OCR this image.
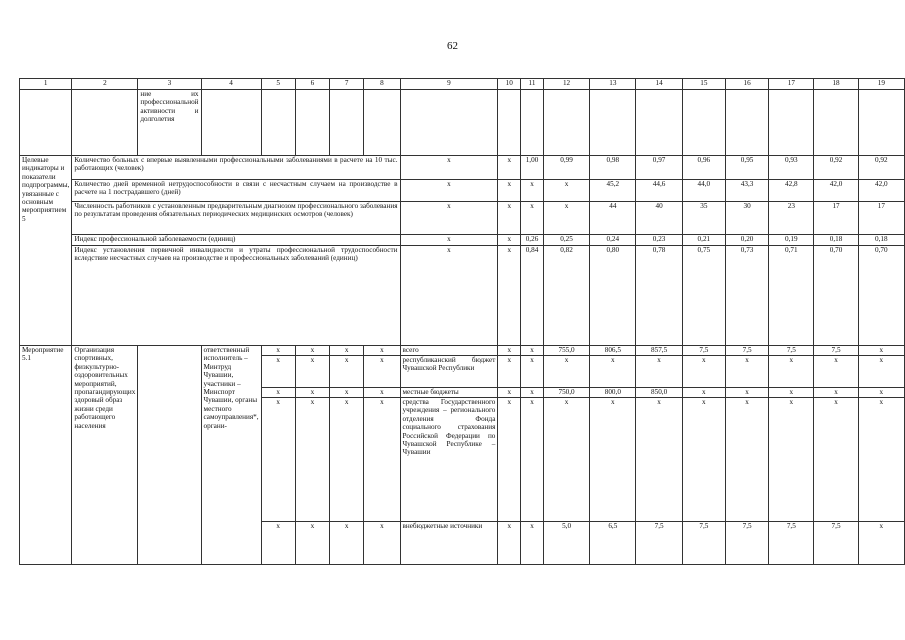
62
1	2	3	4	5	6	7	8	9	10	11	12	13	14	15	16	17	18	19
		ние их профессиональной активности и долголетия																
Целевые индикаторы и показатели подпрограммы, увязанные с основным мероприятием 5	Количество больных с впервые выявленными профессиональными заболеваниями в расчете на 10 тыс. работающих (человек)							x	x	1,00	0,99	0,98	0,97	0,96	0,95	0,93	0,92	0,92
	Количество дней временной нетрудоспособности в связи с несчастным случаем на производстве в расчете на 1 пострадавшего (дней)							x	x	x	x	45,2	44,6	44,0	43,3	42,8	42,0	42,0
	Численность работников с установленным предварительным диагнозом профессионального заболевания по результатам проведения обязательных периодических медицинских осмотров (человек)							x	x	x	x	44	40	35	30	23	17	17
	Индекс профессиональной заболеваемости (единиц)							x	x	0,26	0,25	0,24	0,23	0,21	0,20	0,19	0,18	0,18
	Индекс установления первичной инвалидности и утраты профессиональной трудоспособности вследствие несчастных случаев на производстве и профессиональных заболеваний (единиц)							x	x	0,84	0,82	0,80	0,78	0,75	0,73	0,71	0,70	0,70
Мероприятие 5.1	Организация спортивных, физкультурно-оздоровительных мероприятий, пропагандирующих здоровый образ жизни среди работающего населения		ответственный исполнитель – Минтруд Чувашии, участники – Минспорт Чувашии, органы местного самоуправления*, органи-	x	x	x	x	всего	x	x	755,0	806,5	857,5	7,5	7,5	7,5	7,5	x
				x	x	x	x	республиканский бюджет Чувашской Республики	x	x	x	x	x	x	x	x	x	x
				x	x	x	x	местные бюджеты	x	x	750,0	800,0	850,0	x	x	x	x	x
				x	x	x	x	средства Государственного учреждения – регионального отделения Фонда социального страхования Российской Федерации по Чувашской Республике – Чувашии	x	x	x	x	x	x	x	x	x	x
				x	x	x	x	внебюджетные источники	x	x	5,0	6,5	7,5	7,5	7,5	7,5	7,5	x
